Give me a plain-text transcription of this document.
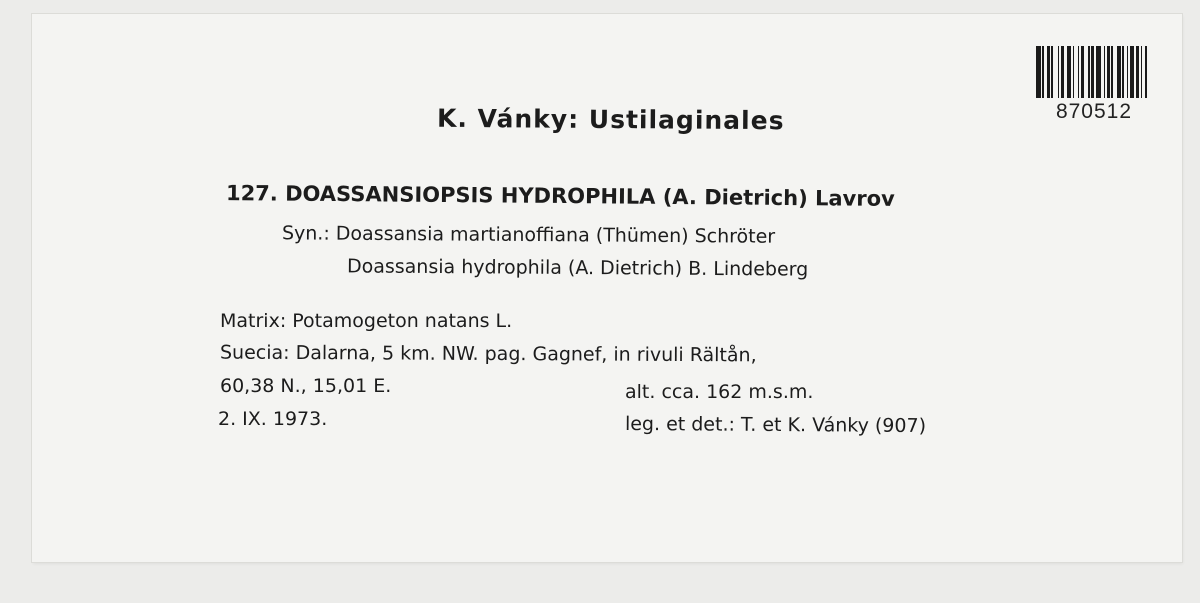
870512
K. Vánky: Ustilaginales
127. DOASSANSIOPSIS HYDROPHILA (A. Dietrich) Lavrov
Syn.: Doassansia martianoffiana (Thümen) Schröter
Doassansia hydrophila (A. Dietrich) B. Lindeberg
Matrix: Potamogeton natans L.
Suecia: Dalarna, 5 km. NW. pag. Gagnef, in rivuli Rältån,
60,38 N., 15,01 E.	alt. cca. 162 m.s.m.
2. IX. 1973.	leg. et det.: T. et K. Vánky (907)
